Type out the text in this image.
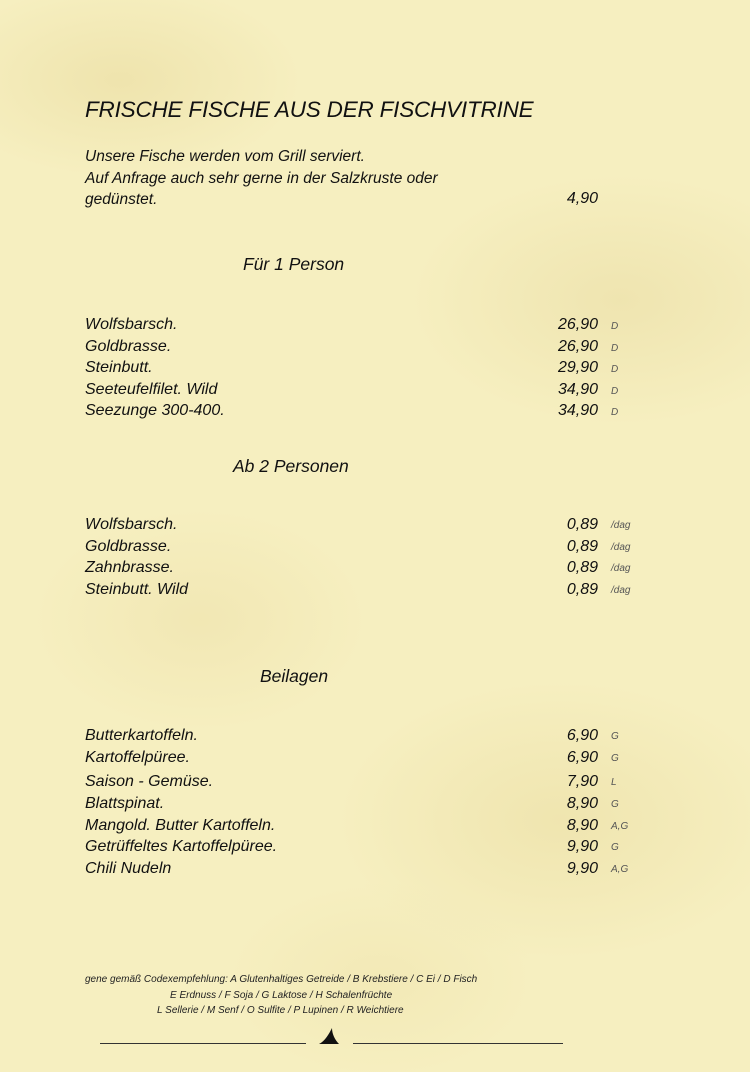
FRISCHE FISCHE AUS DER FISCHVITRINE
Unsere Fische werden vom Grill serviert.
Auf Anfrage auch sehr gerne in der Salzkruste oder
gedünstet.	4,90
Für 1 Person
Wolfsbarsch.	26,90 D
Goldbrasse.	26,90 D
Steinbutt.	29,90 D
Seeteufelfilet. Wild	34,90 D
Seezunge 300-400.	34,90 D
Ab 2 Personen
Wolfsbarsch.	0,89 /dag
Goldbrasse.	0,89 /dag
Zahnbrasse.	0,89 /dag
Steinbutt. Wild	0,89 /dag
Beilagen
Butterkartoffeln.	6,90 G
Kartoffelpüree.	6,90 G
Saison - Gemüse.	7,90 L
Blattspinat.	8,90 G
Mangold. Butter Kartoffeln.	8,90 A,G
Getrüffeltes Kartoffelpüree.	9,90 G
Chili Nudeln	9,90 A,G
gene gemäß Codexempfehlung: A Glutenhaltiges Getreide / B Krebstiere / C Ei / D Fisch
E Erdnuss / F Soja / G Laktose / H Schalenfrüchte
L Sellerie / M Senf / O Sulfite / P Lupinen / R Weichtiere
